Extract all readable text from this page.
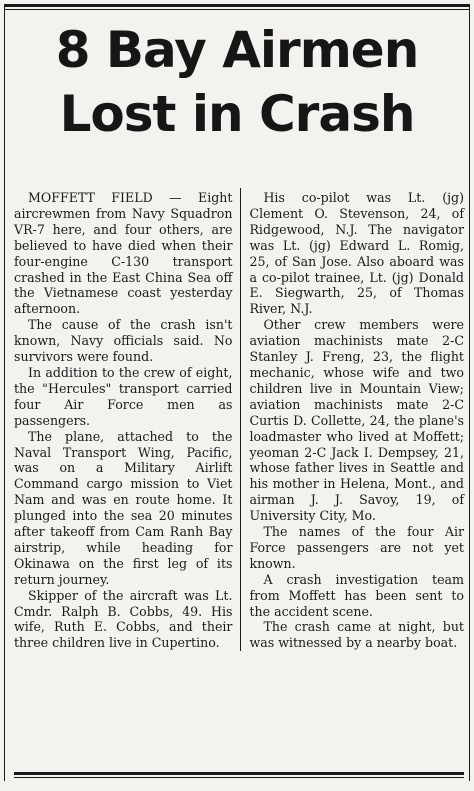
8 Bay Airmen
Lost in Crash

MOFFETT FIELD — Eight aircrewmen from Navy Squadron VR-7 here, and four others, are believed to have died when their four-engine C-130 transport crashed in the East China Sea off the Vietnamese coast yesterday afternoon.

The cause of the crash isn't known, Navy officials said. No survivors were found.

In addition to the crew of eight, the "Hercules" transport carried four Air Force men as passengers.

The plane, attached to the Naval Transport Wing, Pacific, was on a Military Airlift Command cargo mission to Viet Nam and was en route home. It plunged into the sea 20 minutes after takeoff from Cam Ranh Bay airstrip, while heading for Okinawa on the first leg of its return journey.

Skipper of the aircraft was Lt. Cmdr. Ralph B. Cobbs, 49. His wife, Ruth E. Cobbs, and their three children live in Cupertino.

His co-pilot was Lt. (jg) Clement O. Stevenson, 24, of Ridgewood, N.J. The navigator was Lt. (jg) Edward L. Romig, 25, of San Jose. Also aboard was a co-pilot trainee, Lt. (jg) Donald E. Siegwarth, 25, of Thomas River, N.J.

Other crew members were aviation machinists mate 2-C Stanley J. Freng, 23, the flight mechanic, whose wife and two children live in Mountain View; aviation machinists mate 2-C Curtis D. Collette, 24, the plane's loadmaster who lived at Moffett; yeoman 2-C Jack I. Dempsey, 21, whose father lives in Seattle and his mother in Helena, Mont., and airman J. J. Savoy, 19, of University City, Mo.

The names of the four Air Force passengers are not yet known.

A crash investigation team from Moffett has been sent to the accident scene.

The crash came at night, but was witnessed by a nearby boat.
